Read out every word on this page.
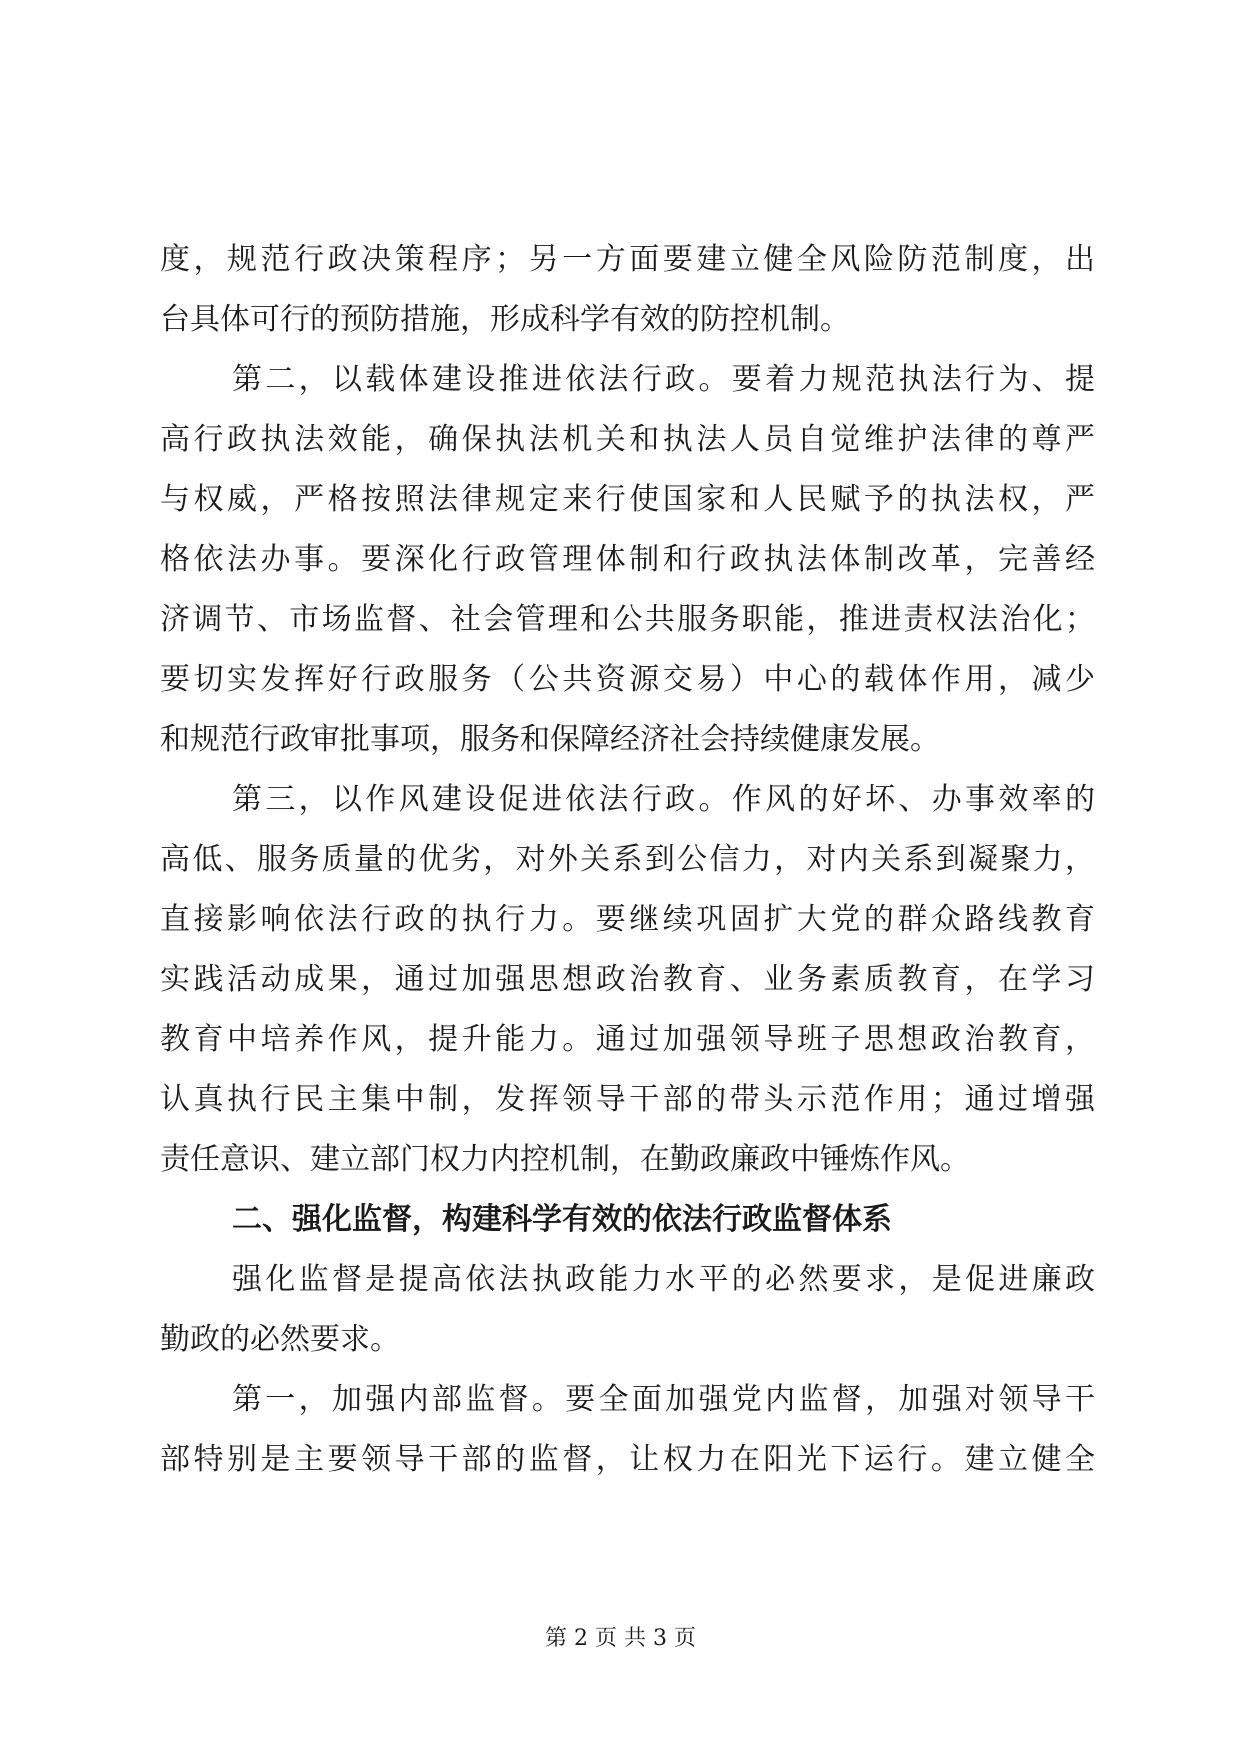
度，规范行政决策程序；另一方面要建立健全风险防范制度，出
台具体可行的预防措施，形成科学有效的防控机制。
第二，以载体建设推进依法行政。要着力规范执法行为、提
高行政执法效能，确保执法机关和执法人员自觉维护法律的尊严
与权威，严格按照法律规定来行使国家和人民赋予的执法权，严
格依法办事。要深化行政管理体制和行政执法体制改革，完善经
济调节、市场监督、社会管理和公共服务职能，推进责权法治化；
要切实发挥好行政服务（公共资源交易）中心的载体作用，减少
和规范行政审批事项，服务和保障经济社会持续健康发展。
第三，以作风建设促进依法行政。作风的好坏、办事效率的
高低、服务质量的优劣，对外关系到公信力，对内关系到凝聚力，
直接影响依法行政的执行力。要继续巩固扩大党的群众路线教育
实践活动成果，通过加强思想政治教育、业务素质教育，在学习
教育中培养作风，提升能力。通过加强领导班子思想政治教育，
认真执行民主集中制，发挥领导干部的带头示范作用；通过增强
责任意识、建立部门权力内控机制，在勤政廉政中锤炼作风。
二、强化监督，构建科学有效的依法行政监督体系
强化监督是提高依法执政能力水平的必然要求，是促进廉政
勤政的必然要求。
第一，加强内部监督。要全面加强党内监督，加强对领导干
部特别是主要领导干部的监督，让权力在阳光下运行。建立健全
第 2 页 共 3 页
